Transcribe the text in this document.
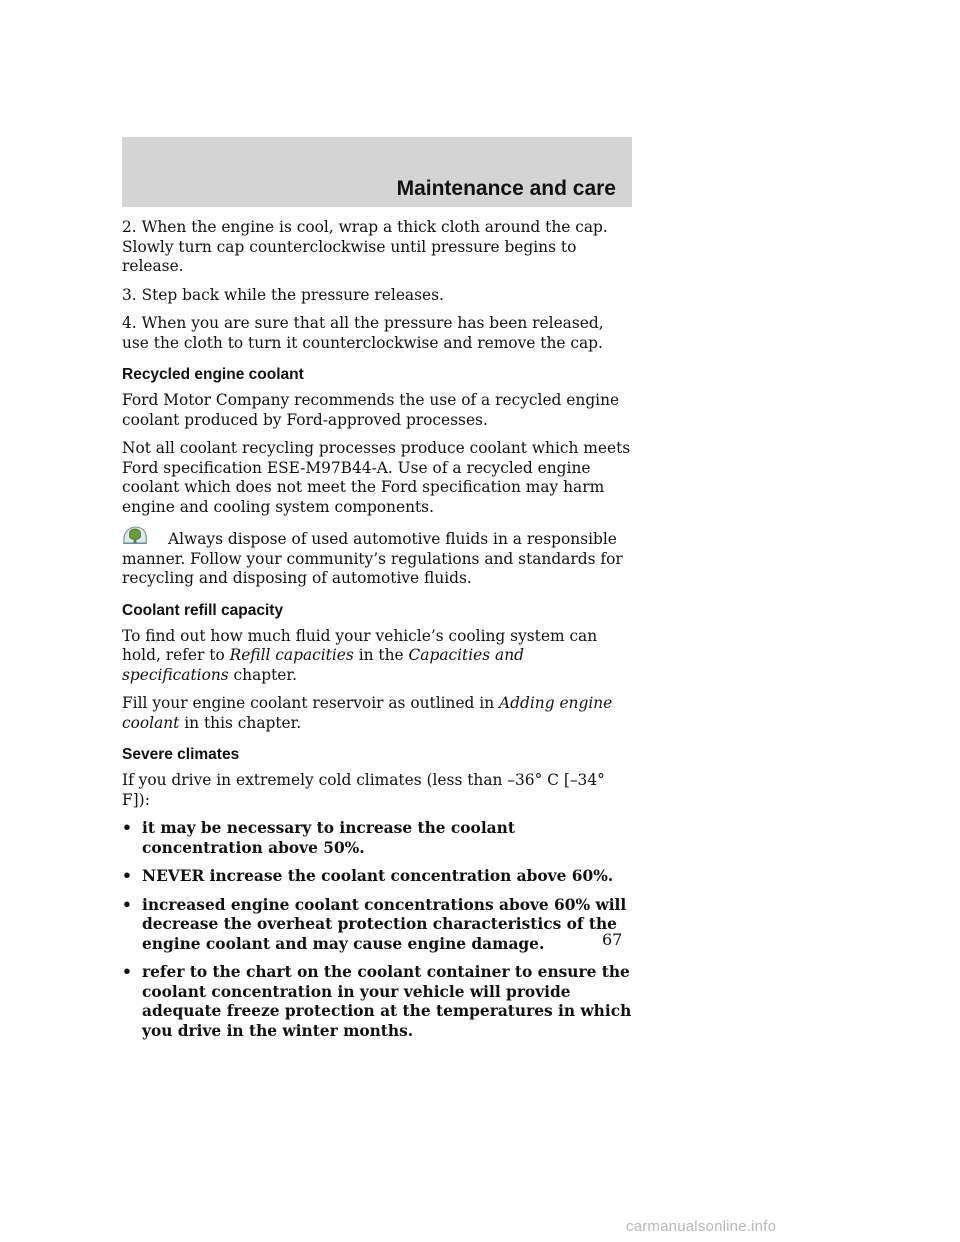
Maintenance and care

2. When the engine is cool, wrap a thick cloth around the cap. Slowly turn cap counterclockwise until pressure begins to release.

3. Step back while the pressure releases.

4. When you are sure that all the pressure has been released, use the cloth to turn it counterclockwise and remove the cap.

Recycled engine coolant

Ford Motor Company recommends the use of a recycled engine coolant produced by Ford-approved processes.

Not all coolant recycling processes produce coolant which meets Ford specification ESE-M97B44-A. Use of a recycled engine coolant which does not meet the Ford specification may harm engine and cooling system components.

Always dispose of used automotive fluids in a responsible manner. Follow your community’s regulations and standards for recycling and disposing of automotive fluids.

Coolant refill capacity

To find out how much fluid your vehicle’s cooling system can hold, refer to Refill capacities in the Capacities and specifications chapter.

Fill your engine coolant reservoir as outlined in Adding engine coolant in this chapter.

Severe climates

If you drive in extremely cold climates (less than –36° C [–34° F]):

• it may be necessary to increase the coolant concentration above 50%.
• NEVER increase the coolant concentration above 60%.
• increased engine coolant concentrations above 60% will decrease the overheat protection characteristics of the engine coolant and may cause engine damage.
• refer to the chart on the coolant container to ensure the coolant concentration in your vehicle will provide adequate freeze protection at the temperatures in which you drive in the winter months.
67
carmanualsonline.info
